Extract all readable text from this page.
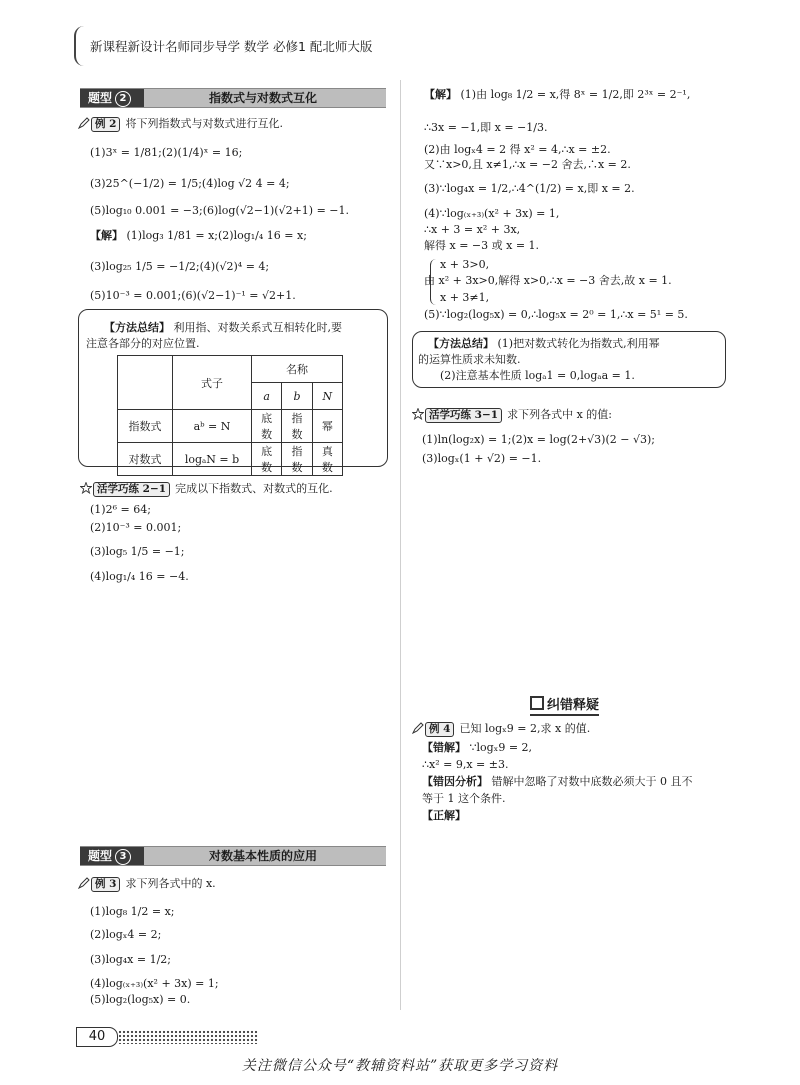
新课程新设计名师同步导学 数学 必修1 配北师大版
题型 2	指数式与对数式互化
例 2 将下列指数式与对数式进行互化.
(1)3ˣ = 1/81;(2)(1/4)ˣ = 16;
(3)25^(−1/2) = 1/5;(4)log √2 4 = 4;
(5)log₁₀ 0.001 = −3;(6)log(√2−1)(√2+1) = −1.
【解】 (1)log₃ 1/81 = x;(2)log₁/₄ 16 = x;
(3)log₂₅ 1/5 = −1/2;(4)(√2)⁴ = 4;
(5)10⁻³ = 0.001;(6)(√2−1)⁻¹ = √2+1.
【方法总结】 利用指、对数关系式互相转化时,要
注意各部分的对应位置.
	式子	名称		
		a	b	N
指数式	aᵇ = N	底数	指数	幂
对数式	logₐN = b	底数	指数	真数
活学巧练 2−1 完成以下指数式、对数式的互化.
(1)2⁶ = 64;
(2)10⁻³ = 0.001;
(3)log₅ 1/5 = −1;
(4)log₁/₄ 16 = −4.
题型 3	对数基本性质的应用
例 3 求下列各式中的 x.
(1)log₈ 1/2 = x;
(2)logₓ4 = 2;
(3)log₄x = 1/2;
(4)log₍ₓ₊₃₎(x² + 3x) = 1;
(5)log₂(log₅x) = 0.
【解】 (1)由 log₈ 1/2 = x,得 8ˣ = 1/2,即 2³ˣ = 2⁻¹,
∴3x = −1,即 x = −1/3.
(2)由 logₓ4 = 2 得 x² = 4,∴x = ±2.
又∵x>0,且 x≠1,∴x = −2 舍去,∴x = 2.
(3)∵log₄x = 1/2,∴4^(1/2) = x,即 x = 2.
(4)∵log₍ₓ₊₃₎(x² + 3x) = 1,
∴x + 3 = x² + 3x,
解得 x = −3 或 x = 1.
x + 3>0,
由 x² + 3x>0,解得 x>0,∴x = −3 舍去,故 x = 1.
x + 3≠1,
(5)∵log₂(log₅x) = 0,∴log₅x = 2⁰ = 1,∴x = 5¹ = 5.
【方法总结】 (1)把对数式转化为指数式,利用幂
的运算性质求未知数.
(2)注意基本性质 logₐ1 = 0,logₐa = 1.
活学巧练 3−1 求下列各式中 x 的值:
(1)ln(log₂x) = 1;(2)x = log(2+√3)(2 − √3);
(3)logₓ(1 + √2) = −1.
纠错释疑
例 4 已知 logₓ9 = 2,求 x 的值.
【错解】 ∵logₓ9 = 2,
∴x² = 9,x = ±3.
【错因分析】 错解中忽略了对数中底数必须大于 0 且不
等于 1 这个条件.
【正解】
40
关注微信公众号“教辅资料站”获取更多学习资料
